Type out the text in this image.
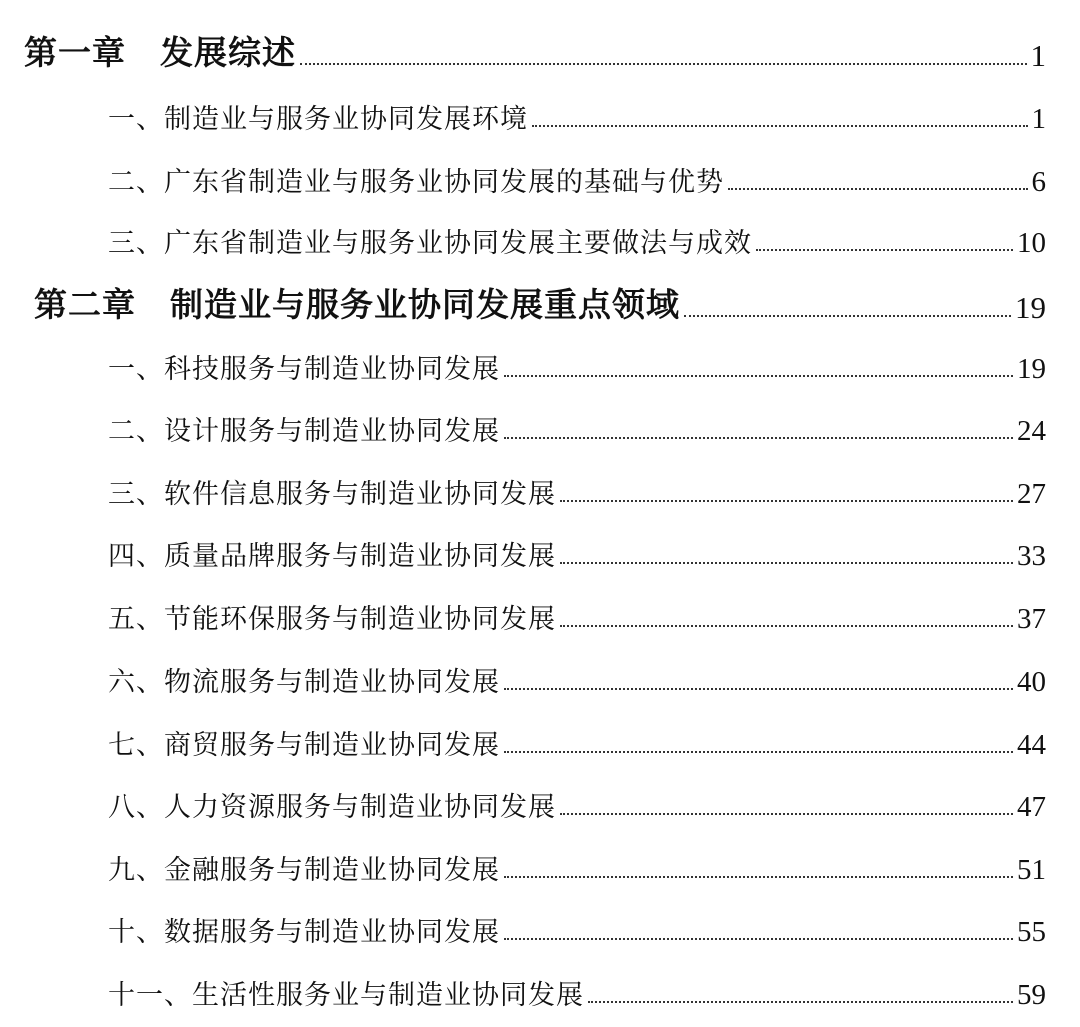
第一章 发展综述	1
一、制造业与服务业协同发展环境	1
二、广东省制造业与服务业协同发展的基础与优势	6
三、广东省制造业与服务业协同发展主要做法与成效	10
第二章 制造业与服务业协同发展重点领域	19
一、科技服务与制造业协同发展	19
二、设计服务与制造业协同发展	24
三、软件信息服务与制造业协同发展	27
四、质量品牌服务与制造业协同发展	33
五、节能环保服务与制造业协同发展	37
六、物流服务与制造业协同发展	40
七、商贸服务与制造业协同发展	44
八、人力资源服务与制造业协同发展	47
九、金融服务与制造业协同发展	51
十、数据服务与制造业协同发展	55
十一、生活性服务业与制造业协同发展	59
